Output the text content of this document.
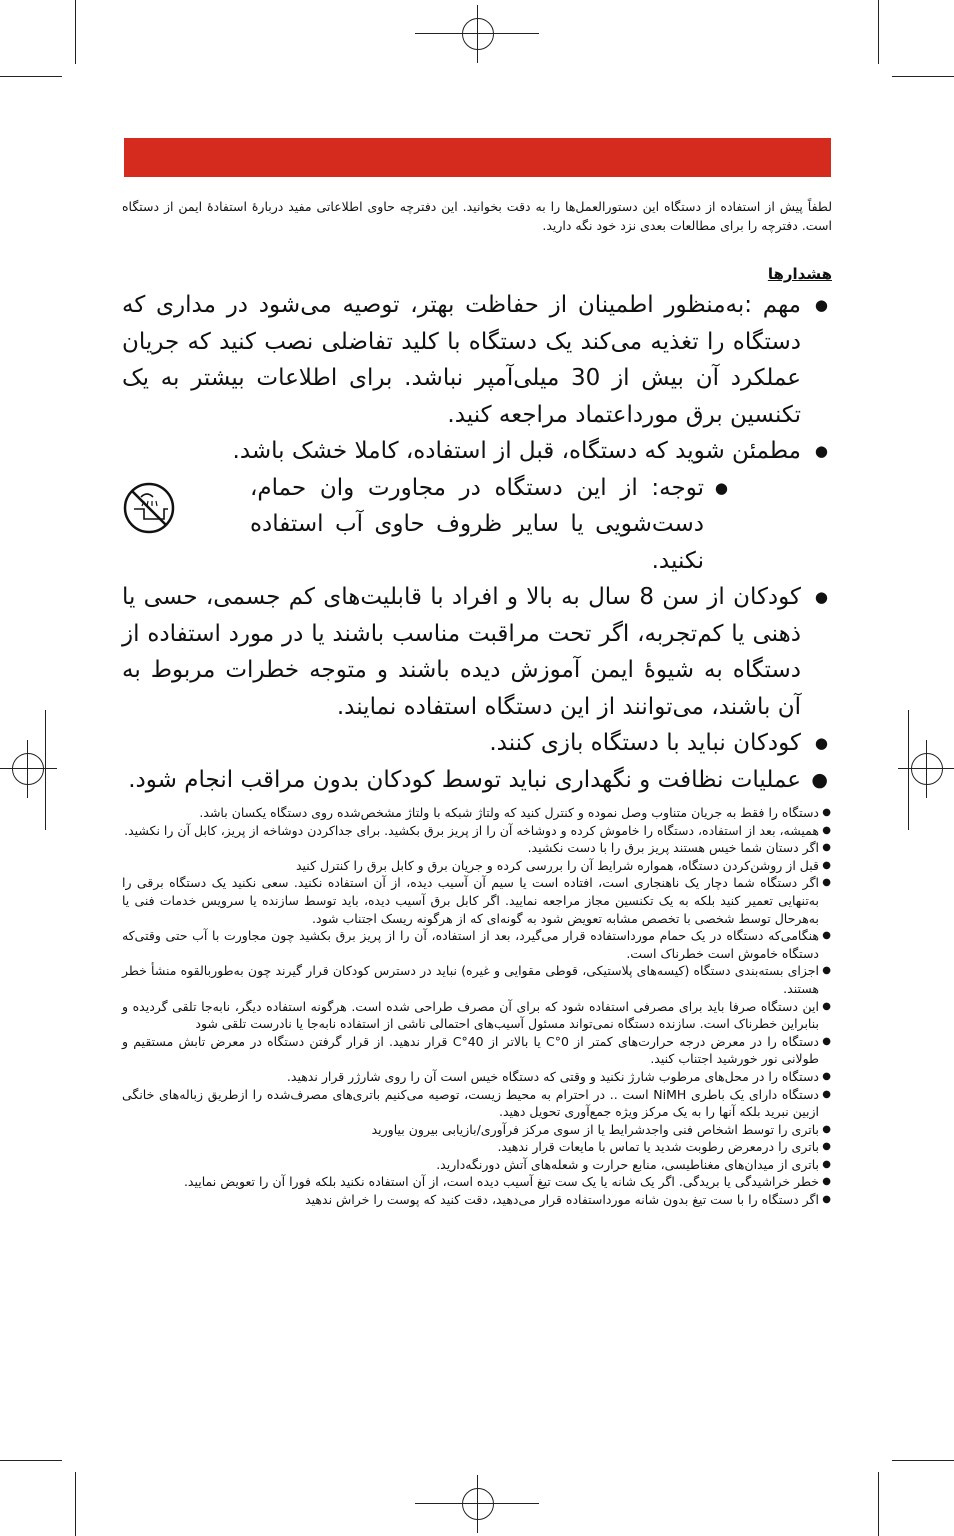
لطفاً پیش از استفاده از دستگاه این دستورالعمل‌ها را به دقت بخوانید. این دفترچه حاوی اطلاعاتی مفید دربارهٔ استفادهٔ ایمن از دستگاه است. دفترچه را برای مطالعات بعدی نزد خود نگه دارید.

هشدارها
●
مهم :به‌منظور اطمینان از حفاظت بهتر، توصیه می‌شود در مداری که دستگاه را تغذیه می‌کند یک دستگاه با کلید تفاضلی نصب کنید که جریان عملکرد آن بیش از 30 میلی‌آمپر نباشد. برای اطلاعات بیشتر به یک تکنسین برق مورداعتماد مراجعه کنید.
●
مطمئن شوید که دستگاه، قبل از استفاده، کاملا خشک باشد.
●
توجه: از این دستگاه در مجاورت وان حمام، دست‌شویی یا سایر ظروف حاوی آب استفاده نکنید.
●
کودکان از سن 8 سال به بالا و افراد با قابلیت‌های کم جسمی، حسی یا ذهنی یا کم‌تجربه، اگر تحت مراقبت مناسب باشند یا در مورد استفاده از دستگاه به شیوهٔ ایمن آموزش دیده باشند و متوجه خطرات مربوط به آن باشند، می‌توانند از این دستگاه استفاده نمایند.
●
کودکان نباید با دستگاه بازی کنند.
●
عملیات نظافت و نگهداری نباید توسط کودکان بدون مراقب انجام شود.
●
دستگاه را فقط به جریان متناوب وصل نموده و کنترل کنید که ولتاژ شبکه با ولتاژ مشخص‌شده روی دستگاه یکسان باشد.
●
همیشه، بعد از استفاده، دستگاه را خاموش کرده و دوشاخه آن را از پریز برق بکشید. برای جداکردن دوشاخه از پریز، کابل آن را نکشید.
●
اگر دستان شما خیس هستند پریز برق را با دست نکشید.
●
قبل از روشن‌کردن دستگاه، همواره شرایط آن را بررسی کرده و جریان برق و کابل برق را کنترل کنید
●
اگر دستگاه شما دچار یک ناهنجاری است، افتاده است یا سیم آن آسیب دیده، از آن استفاده نکنید. سعی نکنید یک دستگاه برقی را به‌تنهایی تعمیر کنید بلکه به یک تکنسین مجاز مراجعه نمایید. اگر کابل برق آسیب دیده، باید توسط سازنده یا سرویس خدمات فنی یا به‌هرحال توسط شخصی با تخصص مشابه تعویض شود به گونه‌ای که از هرگونه ریسک اجتناب شود.
●
هنگامی‌که دستگاه در یک حمام مورداستفاده قرار می‌گیرد، بعد از استفاده، آن را از پریز برق بکشید چون مجاورت با آب حتی وقتی‌که دستگاه خاموش است خطرناک است.
●
اجزای بسته‌بندی دستگاه (کیسه‌های پلاستیکی، قوطی مقوایی و غیره) نباید در دسترس کودکان قرار گیرند چون به‌طوربالقوه منشأ خطر هستند.
●
این دستگاه صرفا باید برای مصرفی استفاده شود که برای آن مصرف طراحی شده است. هرگونه استفاده دیگر، نابه‌جا تلقی گردیده و بنابراین خطرناک است. سازنده دستگاه نمی‌تواند مسئول آسیب‌های احتمالی ناشی از استفاده نابه‌جا یا نادرست تلقی شود
●
دستگاه را در معرض درجه حرارت‌های کمتر از 0°C یا بالاتر از 40°C قرار ندهید. از قرار گرفتن دستگاه در معرض تابش مستقیم و طولانی نور خورشید اجتناب کنید.
●
دستگاه را در محل‌های مرطوب شارژ نکنید و وقتی که دستگاه خیس است آن را روی شارژر قرار ندهید.
●
دستگاه دارای یک باطری NiMH است .. در احترام به محیط زیست، توصیه می‌کنیم باتری‌های مصرف‌شده را ازطریق زباله‌های خانگی ازبین نبرید بلکه آنها را به یک مرکز ویژه جمع‌آوری تحویل دهید.
●
باتری را توسط اشخاص فنی واجدشرایط یا از سوی مرکز فرآوری/بازیابی بیرون بیاورید
●
باتری را درمعرض رطوبت شدید یا تماس با مایعات قرار ندهید.
●
باتری از میدان‌های مغناطیسی، منابع حرارت و شعله‌های آتش دورنگه‌دارید.
●
خطر خراشیدگی یا بریدگی. اگر یک شانه یا یک ست تیغ آسیب دیده است، از آن استفاده نکنید بلکه فورا آن را تعویض نمایید.
●
اگر دستگاه را با ست تیغ بدون شانه مورداستفاده قرار می‌دهید، دقت کنید که پوست را خراش ندهید
